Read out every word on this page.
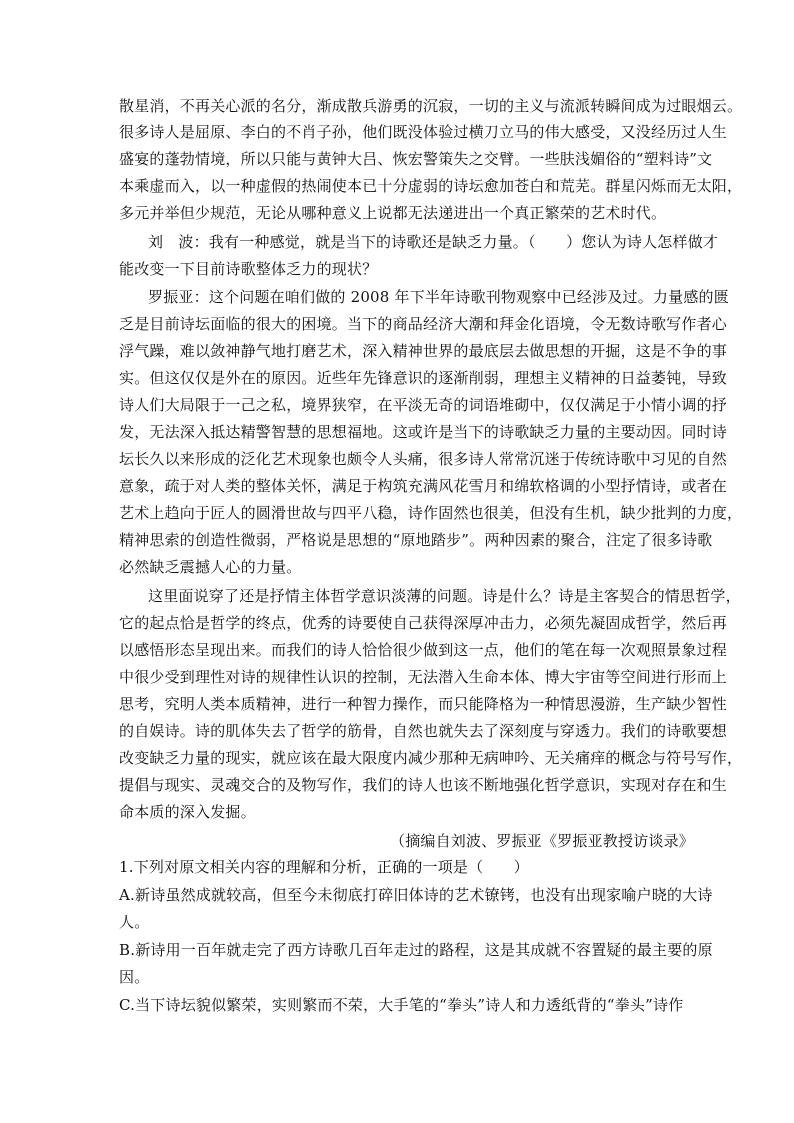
散星消，不再关心派的名分，渐成散兵游勇的沉寂，一切的主义与流派转瞬间成为过眼烟云。
很多诗人是屈原、李白的不肖子孙，他们既没体验过横刀立马的伟大感受，又没经历过人生
盛宴的蓬勃情境，所以只能与黄钟大吕、恢宏警策失之交臂。一些肤浅媚俗的“塑料诗”文
本乘虚而入，以一种虚假的热闹使本已十分虚弱的诗坛愈加苍白和荒芜。群星闪烁而无太阳，
多元并举但少规范，无论从哪种意义上说都无法递进出一个真正繁荣的艺术时代。
刘　波：我有一种感觉，就是当下的诗歌还是缺乏力量。（　　）您认为诗人怎样做才
能改变一下目前诗歌整体乏力的现状？
罗振亚：这个问题在咱们做的 2008 年下半年诗歌刊物观察中已经涉及过。力量感的匮
乏是目前诗坛面临的很大的困境。当下的商品经济大潮和拜金化语境，令无数诗歌写作者心
浮气躁，难以敛神静气地打磨艺术，深入精神世界的最底层去做思想的开掘，这是不争的事
实。但这仅仅是外在的原因。近些年先锋意识的逐渐削弱，理想主义精神的日益萎钝，导致
诗人们大局限于一己之私，境界狭窄，在平淡无奇的词语堆砌中，仅仅满足于小情小调的抒
发，无法深入抵达精警智慧的思想福地。这或许是当下的诗歌缺乏力量的主要动因。同时诗
坛长久以来形成的泛化艺术现象也颇令人头痛，很多诗人常常沉迷于传统诗歌中习见的自然
意象，疏于对人类的整体关怀，满足于构筑充满风花雪月和绵软格调的小型抒情诗，或者在
艺术上趋向于匠人的圆滑世故与四平八稳，诗作固然也很美，但没有生机，缺少批判的力度，
精神思索的创造性微弱，严格说是思想的“原地踏步”。两种因素的聚合，注定了很多诗歌
必然缺乏震撼人心的力量。
这里面说穿了还是抒情主体哲学意识淡薄的问题。诗是什么？诗是主客契合的情思哲学，
它的起点恰是哲学的终点，优秀的诗要使自己获得深厚冲击力，必须先凝固成哲学，然后再
以感悟形态呈现出来。而我们的诗人恰恰很少做到这一点，他们的笔在每一次观照景象过程
中很少受到理性对诗的规律性认识的控制，无法潜入生命本体、博大宇宙等空间进行形而上
思考，究明人类本质精神，进行一种智力操作，而只能降格为一种情思漫游，生产缺少智性
的自娱诗。诗的肌体失去了哲学的筋骨，自然也就失去了深刻度与穿透力。我们的诗歌要想
改变缺乏力量的现实，就应该在最大限度内减少那种无病呻吟、无关痛痒的概念与符号写作，
提倡与现实、灵魂交合的及物写作，我们的诗人也该不断地强化哲学意识，实现对存在和生
命本质的深入发掘。
（摘编自刘波、罗振亚《罗振亚教授访谈录》
1.下列对原文相关内容的理解和分析，正确的一项是（　　）
A.新诗虽然成就较高，但至今未彻底打碎旧体诗的艺术镣铐，也没有出现家喻户晓的大诗
人。
B.新诗用一百年就走完了西方诗歌几百年走过的路程，这是其成就不容置疑的最主要的原
因。
C.当下诗坛貌似繁荣，实则繁而不荣，大手笔的“拳头”诗人和力透纸背的“拳头”诗作
